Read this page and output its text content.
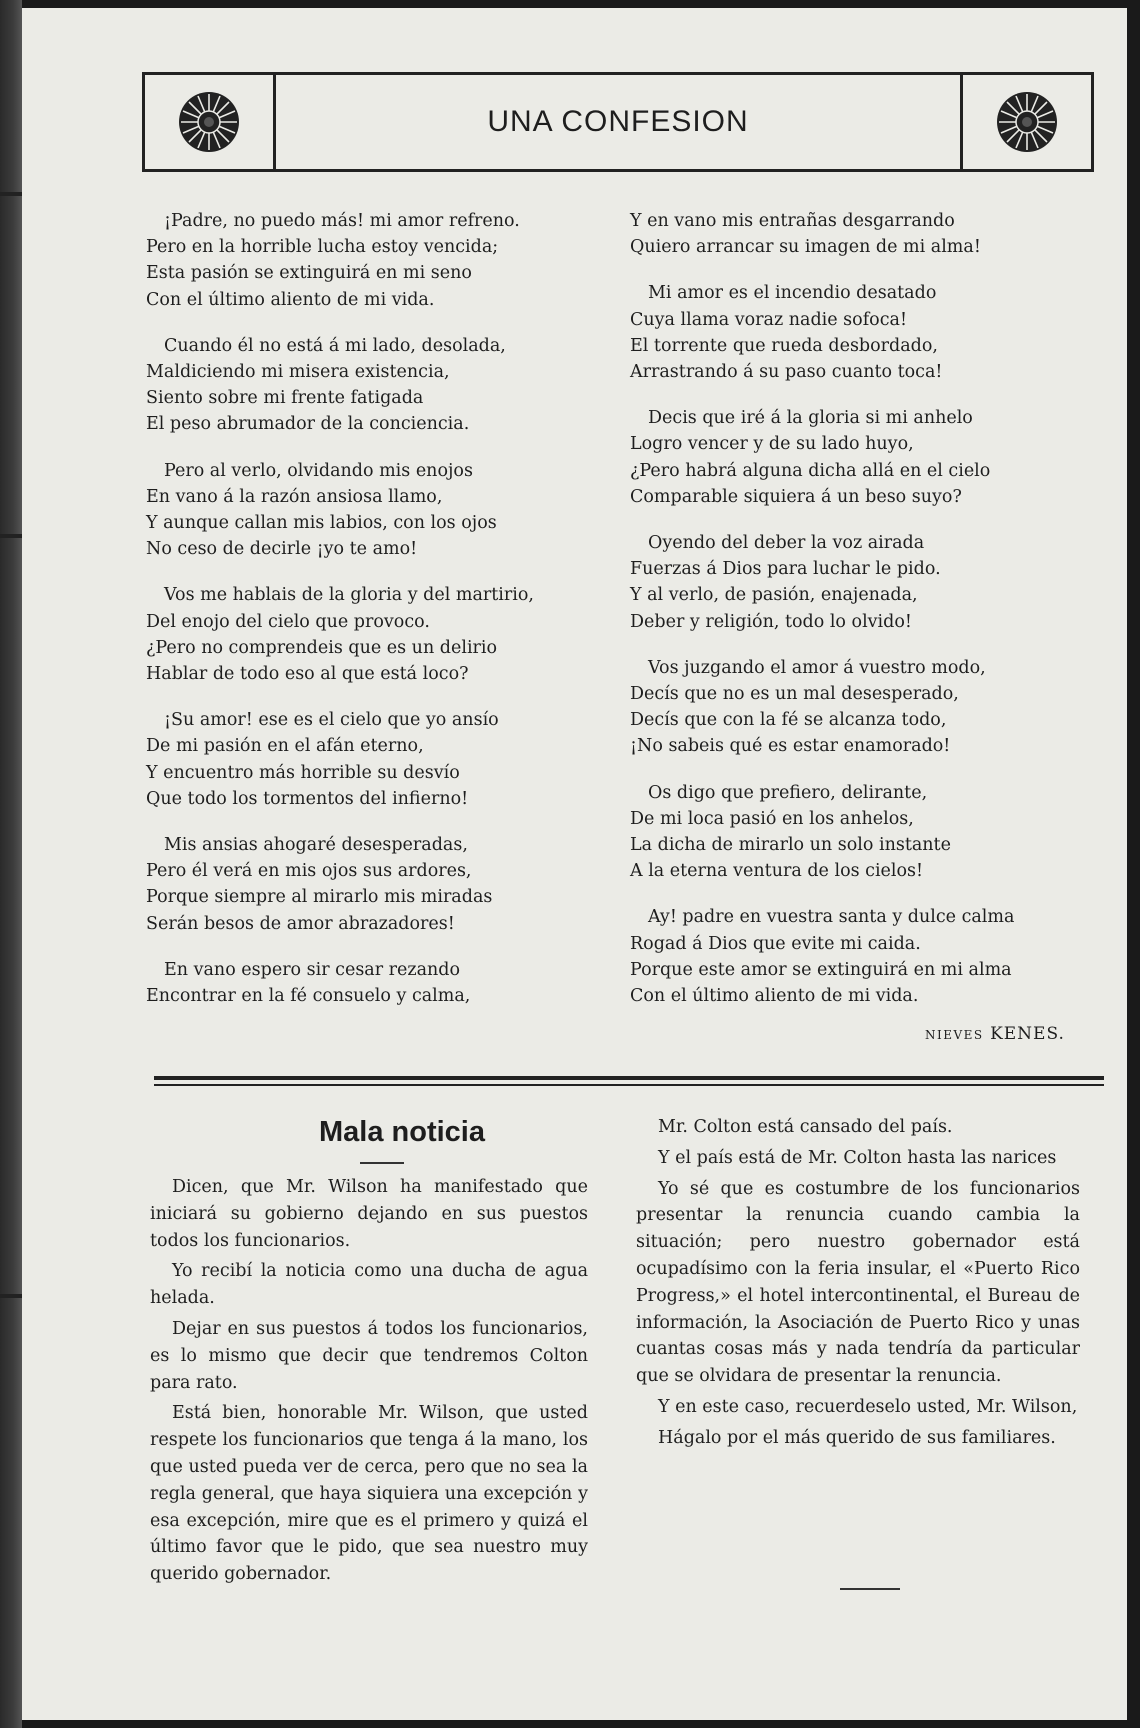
UNA CONFESION
¡Padre, no puedo más! mi amor refreno.
Pero en la horrible lucha estoy vencida;
Esta pasión se extinguirá en mi seno
Con el último aliento de mi vida.
Cuando él no está á mi lado, desolada,
Maldiciendo mi misera existencia,
Siento sobre mi frente fatigada
El peso abrumador de la conciencia.
Pero al verlo, olvidando mis enojos
En vano á la razón ansiosa llamo,
Y aunque callan mis labios, con los ojos
No ceso de decirle ¡yo te amo!
Vos me hablais de la gloria y del martirio,
Del enojo del cielo que provoco.
¿Pero no comprendeis que es un delirio
Hablar de todo eso al que está loco?
¡Su amor! ese es el cielo que yo ansío
De mi pasión en el afán eterno,
Y encuentro más horrible su desvío
Que todo los tormentos del infierno!
Mis ansias ahogaré desesperadas,
Pero él verá en mis ojos sus ardores,
Porque siempre al mirarlo mis miradas
Serán besos de amor abrazadores!
En vano espero sir cesar rezando
Encontrar en la fé consuelo y calma,
Y en vano mis entrañas desgarrando
Quiero arrancar su imagen de mi alma!
Mi amor es el incendio desatado
Cuya llama voraz nadie sofoca!
El torrente que rueda desbordado,
Arrastrando á su paso cuanto toca!
Decis que iré á la gloria si mi anhelo
Logro vencer y de su lado huyo,
¿Pero habrá alguna dicha allá en el cielo
Comparable siquiera á un beso suyo?
Oyendo del deber la voz airada
Fuerzas á Dios para luchar le pido.
Y al verlo, de pasión, enajenada,
Deber y religión, todo lo olvido!
Vos juzgando el amor á vuestro modo,
Decís que no es un mal desesperado,
Decís que con la fé se alcanza todo,
¡No sabeis qué es estar enamorado!
Os digo que prefiero, delirante,
De mi loca pasió en los anhelos,
La dicha de mirarlo un solo instante
A la eterna ventura de los cielos!
Ay! padre en vuestra santa y dulce calma
Rogad á Dios que evite mi caida.
Porque este amor se extinguirá en mi alma
Con el último aliento de mi vida.
NIEVES KENES.
Mala noticia

Dicen, que Mr. Wilson ha manifestado que iniciará su gobierno dejando en sus puestos todos los funcionarios.

Yo recibí la noticia como una ducha de agua helada.

Dejar en sus puestos á todos los funcionarios, es lo mismo que decir que tendremos Colton para rato.

Está bien, honorable Mr. Wilson, que usted respete los funcionarios que tenga á la mano, los que usted pueda ver de cerca, pero que no sea la regla general, que haya siquiera una excepción y esa excepción, mire que es el primero y quizá el último favor que le pido, que sea nuestro muy querido gobernador.

Mr. Colton está cansado del país.

Y el país está de Mr. Colton hasta las narices

Yo sé que es costumbre de los funcionarios presentar la renuncia cuando cambia la situación; pero nuestro gobernador está ocupadísimo con la feria insular, el «Puerto Rico Progress,» el hotel intercontinental, el Bureau de información, la Asociación de Puerto Rico y unas cuantas cosas más y nada tendría da particular que se olvidara de presentar la renuncia.

Y en este caso, recuerdeselo usted, Mr. Wilson,

Hágalo por el más querido de sus familiares.
